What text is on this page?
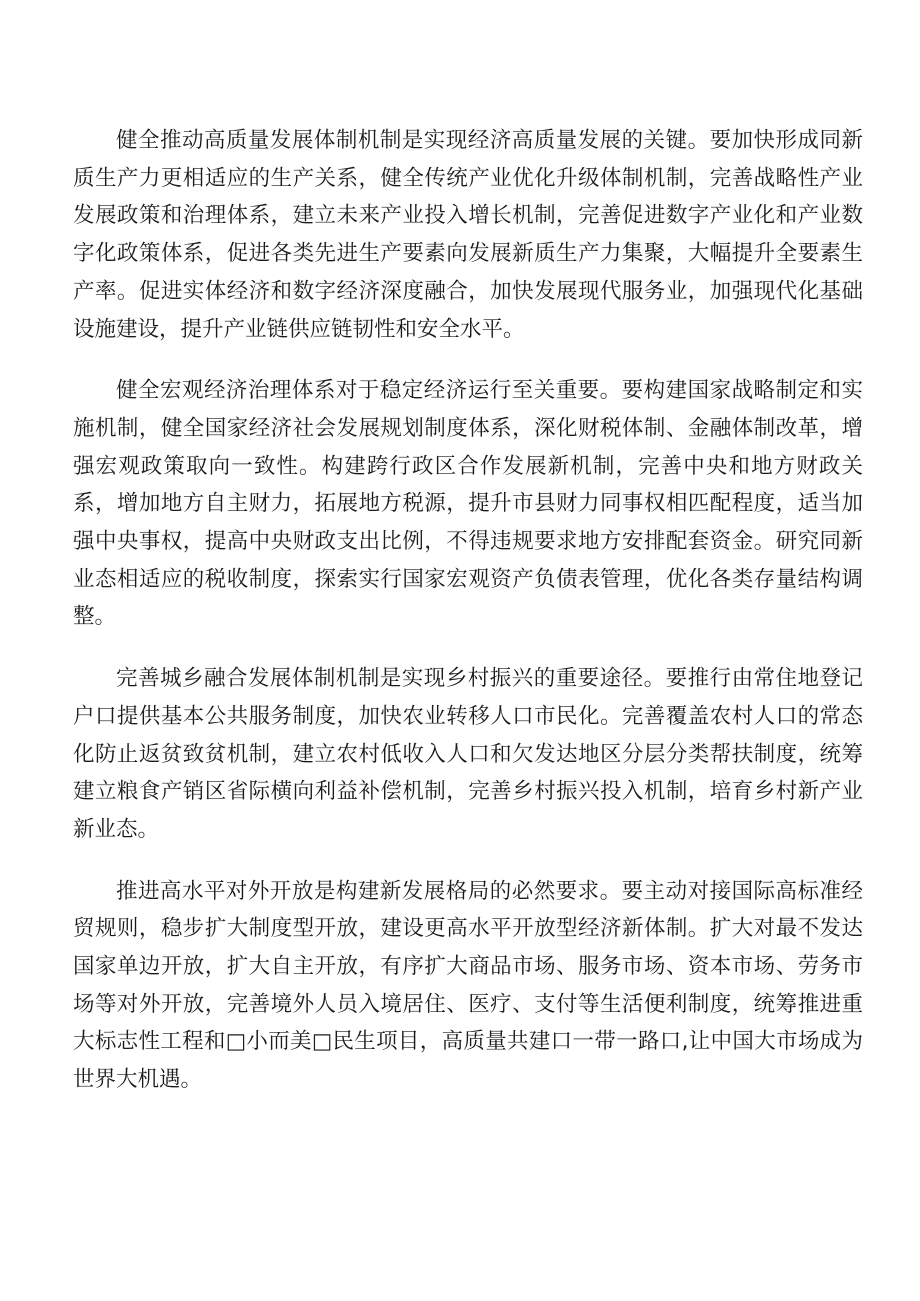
健全推动高质量发展体制机制是实现经济高质量发展的关键。要加快形成同新质生产力更相适应的生产关系，健全传统产业优化升级体制机制，完善战略性产业发展政策和治理体系，建立未来产业投入增长机制，完善促进数字产业化和产业数字化政策体系，促进各类先进生产要素向发展新质生产力集聚，大幅提升全要素生产率。促进实体经济和数字经济深度融合，加快发展现代服务业，加强现代化基础设施建设，提升产业链供应链韧性和安全水平。

健全宏观经济治理体系对于稳定经济运行至关重要。要构建国家战略制定和实施机制，健全国家经济社会发展规划制度体系，深化财税体制、金融体制改革，增强宏观政策取向一致性。构建跨行政区合作发展新机制，完善中央和地方财政关系，增加地方自主财力，拓展地方税源，提升市县财力同事权相匹配程度，适当加强中央事权，提高中央财政支出比例，不得违规要求地方安排配套资金。研究同新业态相适应的税收制度，探索实行国家宏观资产负债表管理，优化各类存量结构调整。

完善城乡融合发展体制机制是实现乡村振兴的重要途径。要推行由常住地登记户口提供基本公共服务制度，加快农业转移人口市民化。完善覆盖农村人口的常态化防止返贫致贫机制，建立农村低收入人口和欠发达地区分层分类帮扶制度，统筹建立粮食产销区省际横向利益补偿机制，完善乡村振兴投入机制，培育乡村新产业新业态。

推进高水平对外开放是构建新发展格局的必然要求。要主动对接国际高标准经贸规则，稳步扩大制度型开放，建设更高水平开放型经济新体制。扩大对最不发达国家单边开放，扩大自主开放，有序扩大商品市场、服务市场、资本市场、劳务市场等对外开放，完善境外人员入境居住、医疗、支付等生活便利制度，统筹推进重大标志性工程和□小而美□民生项目，高质量共建口一带一路口,让中国大市场成为世界大机遇。
